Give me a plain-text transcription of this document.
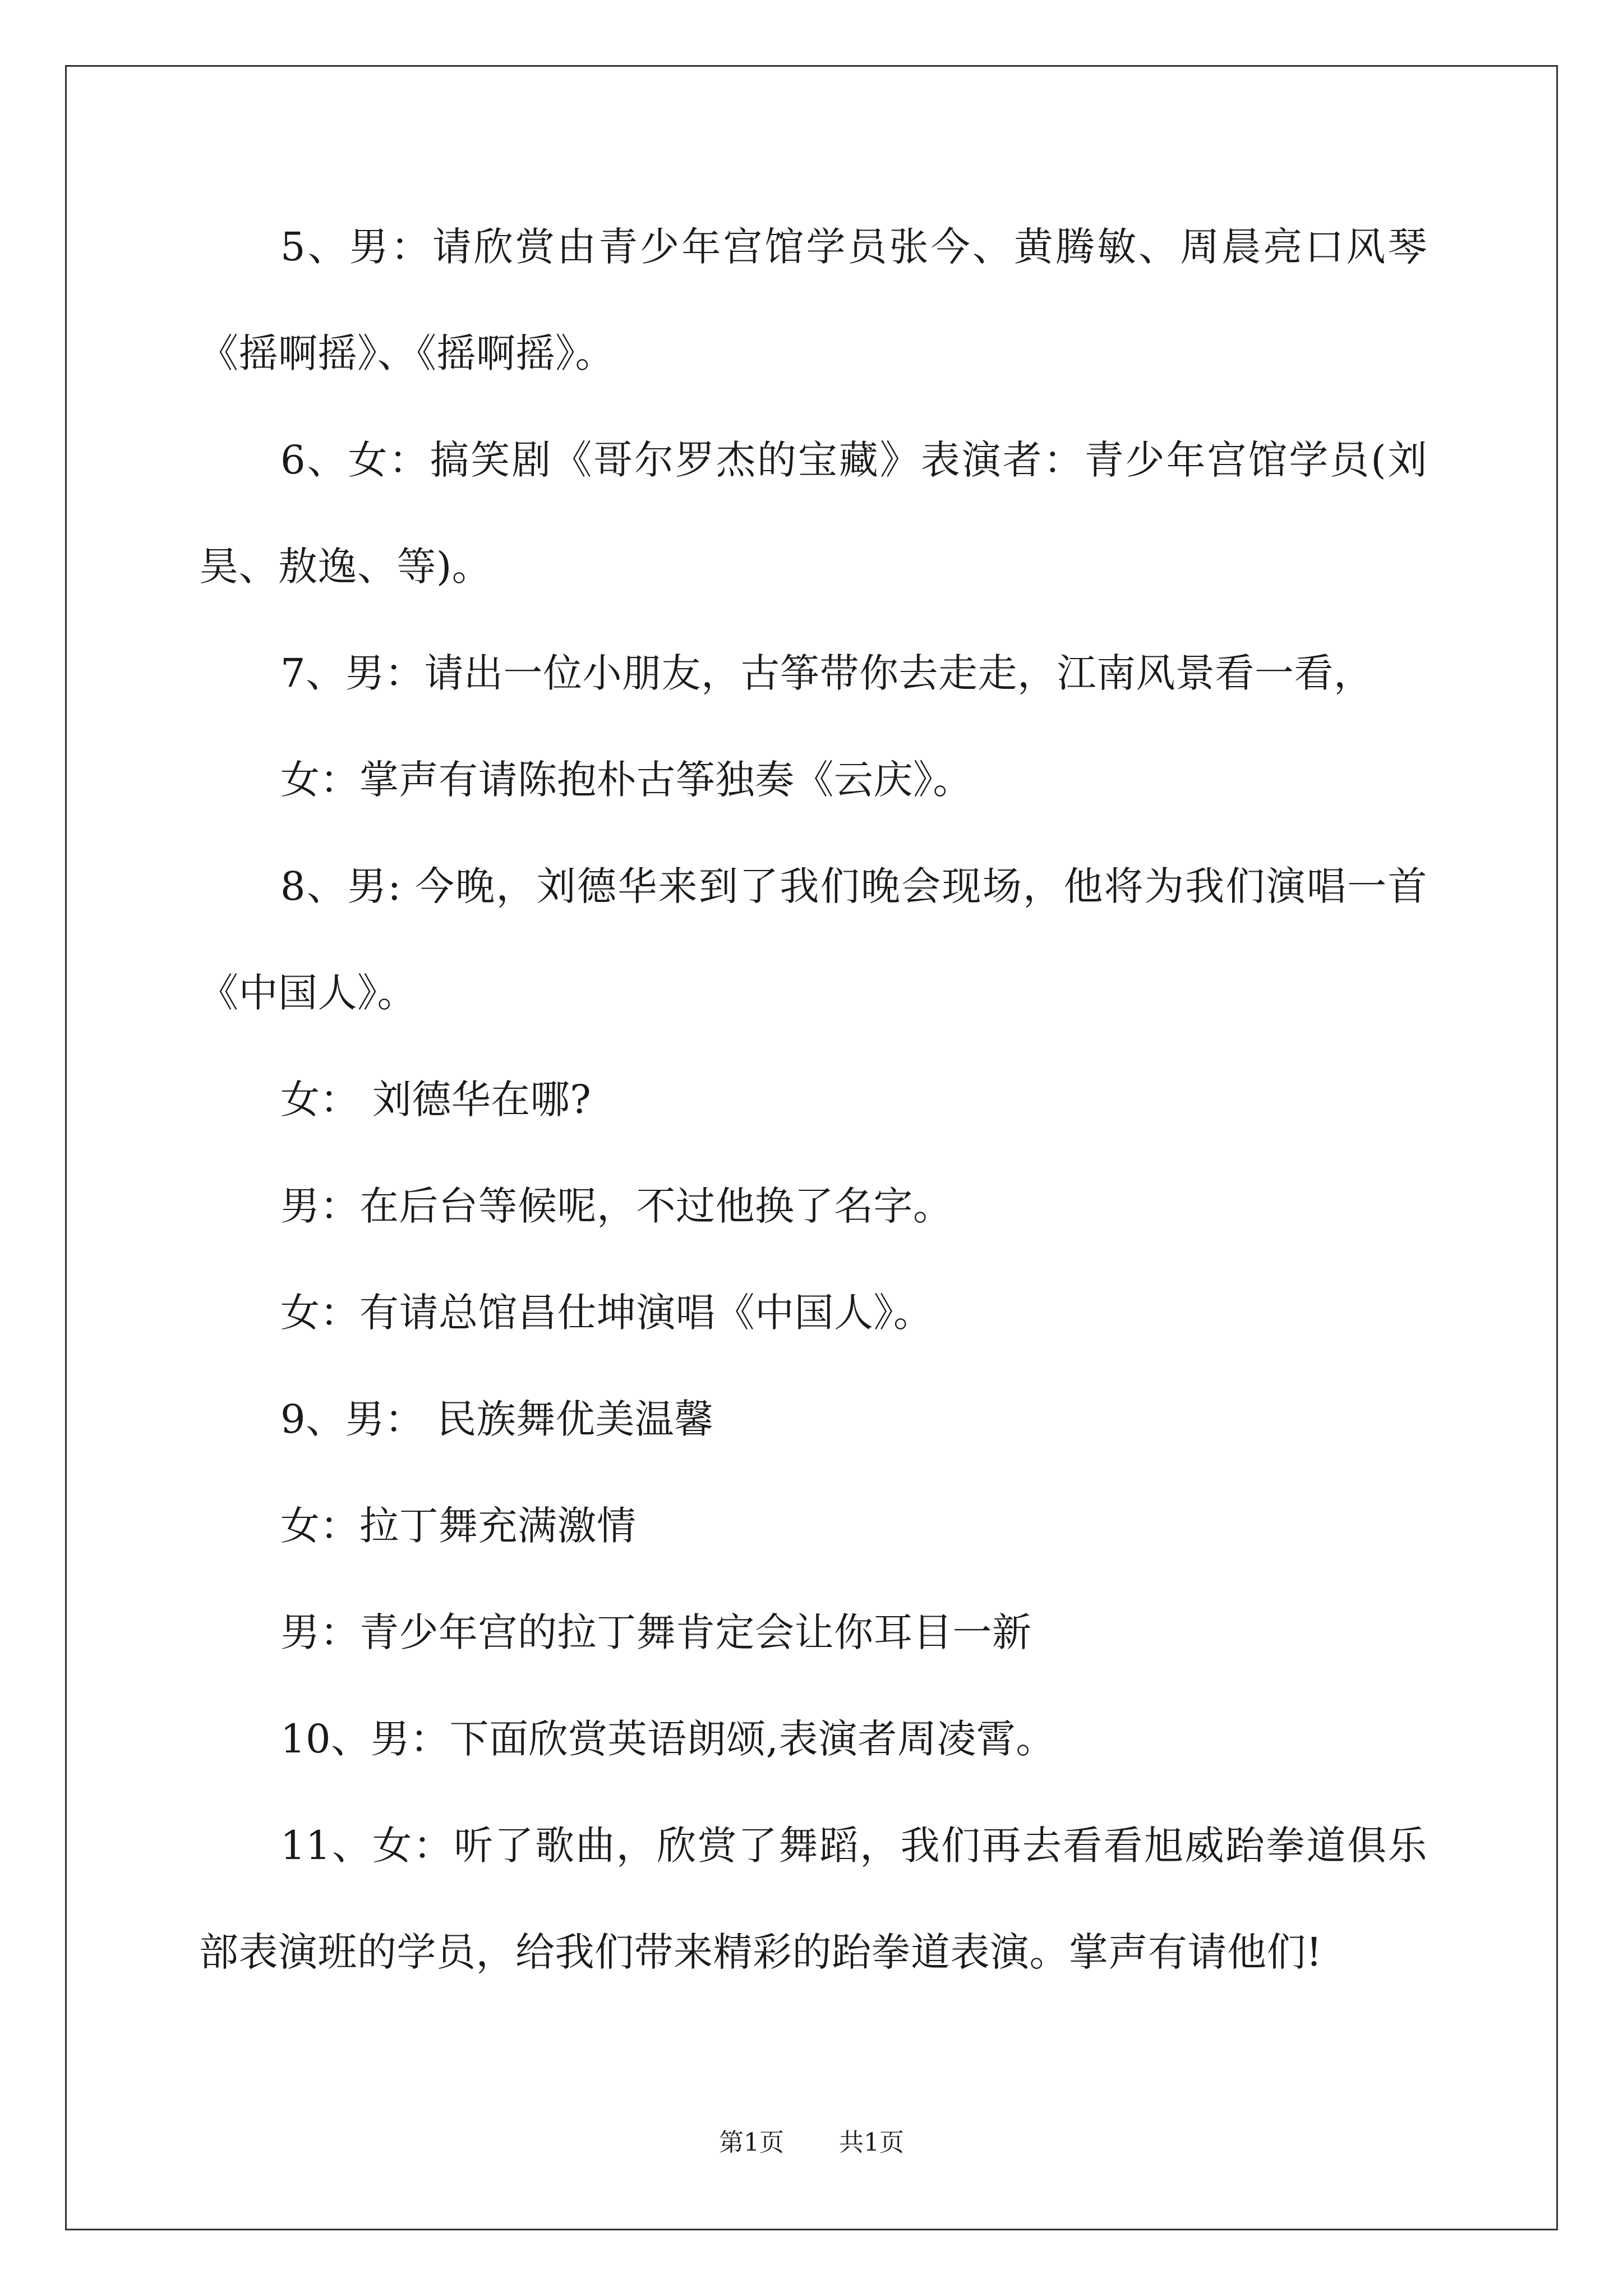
5、男：请欣赏由青少年宫馆学员张今、黄腾敏、周晨亮口风琴
《摇啊摇》、《摇啊摇》。
6、女：搞笑剧《哥尔罗杰的宝藏》表演者：青少年宫馆学员(刘
昊、敖逸、等)。
7、男：请出一位小朋友，古筝带你去走走，江南风景看一看，
女：掌声有请陈抱朴古筝独奏《云庆》。
8、男: 今晚，刘德华来到了我们晚会现场，他将为我们演唱一首
《中国人》。
女： 刘德华在哪?
男：在后台等候呢，不过他换了名字。
女：有请总馆昌仕坤演唱《中国人》。
9、男： 民族舞优美温馨
女：拉丁舞充满激情
男：青少年宫的拉丁舞肯定会让你耳目一新
10、男：下面欣赏英语朗颂,表演者周凌霄。
11、女：听了歌曲，欣赏了舞蹈，我们再去看看旭威跆拳道俱乐
部表演班的学员，给我们带来精彩的跆拳道表演。掌声有请他们!
第1页 共1页
